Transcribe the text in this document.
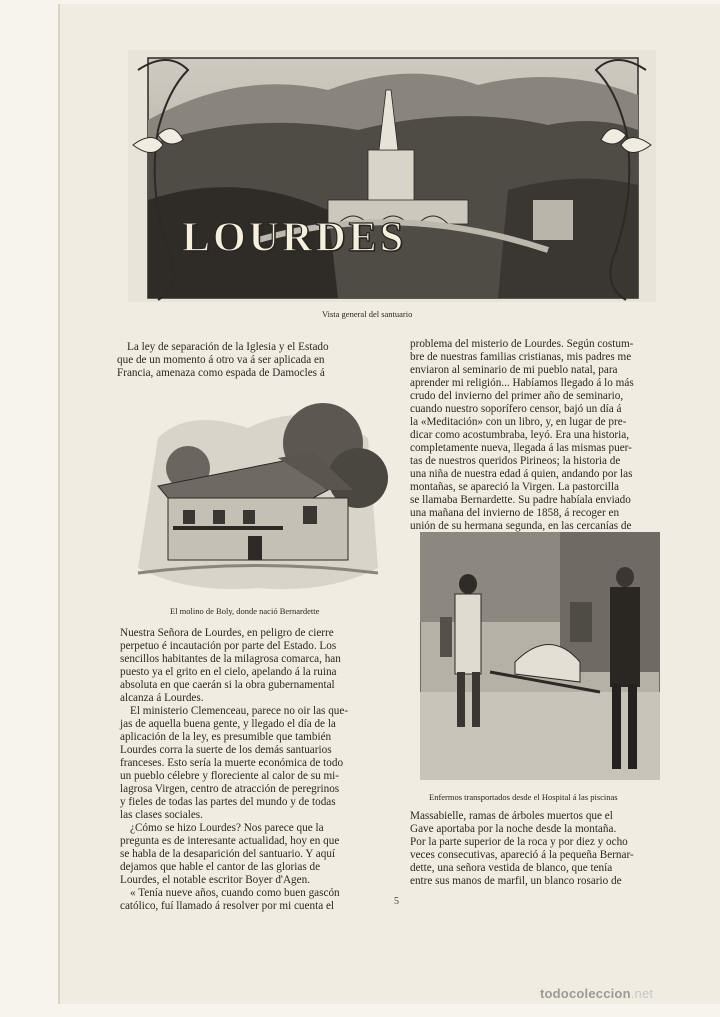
LOURDES
Vista general del santuario
El molino de Boly, donde nació Bernardette
Enfermos transportados desde el Hospital á las piscinas

La ley de separación de la Iglesia y el Estado

que de un momento á otro va á ser aplicada en

Francia, amenaza como espada de Damocles á

problema del misterio de Lourdes. Según costum-

bre de nuestras familias cristianas, mis padres me

enviaron al seminario de mi pueblo natal, para

aprender mi religión... Habíamos llegado á lo más

crudo del invierno del primer año de seminario,

cuando nuestro soporífero censor, bajó un día á

la «Meditación» con un libro, y, en lugar de pre-

dicar como acostumbraba, leyó. Era una historia,

completamente nueva, llegada á las mismas puer-

tas de nuestros queridos Pirineos; la historia de

una niña de nuestra edad á quien, andando por las

montañas, se apareció la Virgen. La pastorcilla

se llamaba Bernardette. Su padre habíala enviado

una mañana del invierno de 1858, á recoger en

unión de su hermana segunda, en las cercanías de

Nuestra Señora de Lourdes, en peligro de cierre

perpetuo é incautación por parte del Estado. Los

sencillos habitantes de la milagrosa comarca, han

puesto ya el grito en el cielo, apelando á la ruina

absoluta en que caerán si la obra gubernamental

alcanza á Lourdes.

El ministerio Clemenceau, parece no oir las que-

jas de aquella buena gente, y llegado el día de la

aplicación de la ley, es presumible que también

Lourdes corra la suerte de los demás santuarios

franceses. Esto sería la muerte económica de todo

un pueblo célebre y floreciente al calor de su mi-

lagrosa Virgen, centro de atracción de peregrinos

y fieles de todas las partes del mundo y de todas

las clases sociales.

¿Cómo se hizo Lourdes? Nos parece que la

pregunta es de interesante actualidad, hoy en que

se habla de la desaparición del santuario. Y aquí

dejamos que hable el cantor de las glorias de

Lourdes, el notable escritor Boyer d'Agen.

« Tenía nueve años, cuando como buen gascón

católico, fuí llamado á resolver por mi cuenta el

Massabielle, ramas de árboles muertos que el

Gave aportaba por la noche desde la montaña.

Por la parte superior de la roca y por diez y ocho

veces consecutivas, apareció á la pequeña Bernar-

dette, una señora vestida de blanco, que tenía

entre sus manos de marfil, un blanco rosario de

5
todocoleccion.net
